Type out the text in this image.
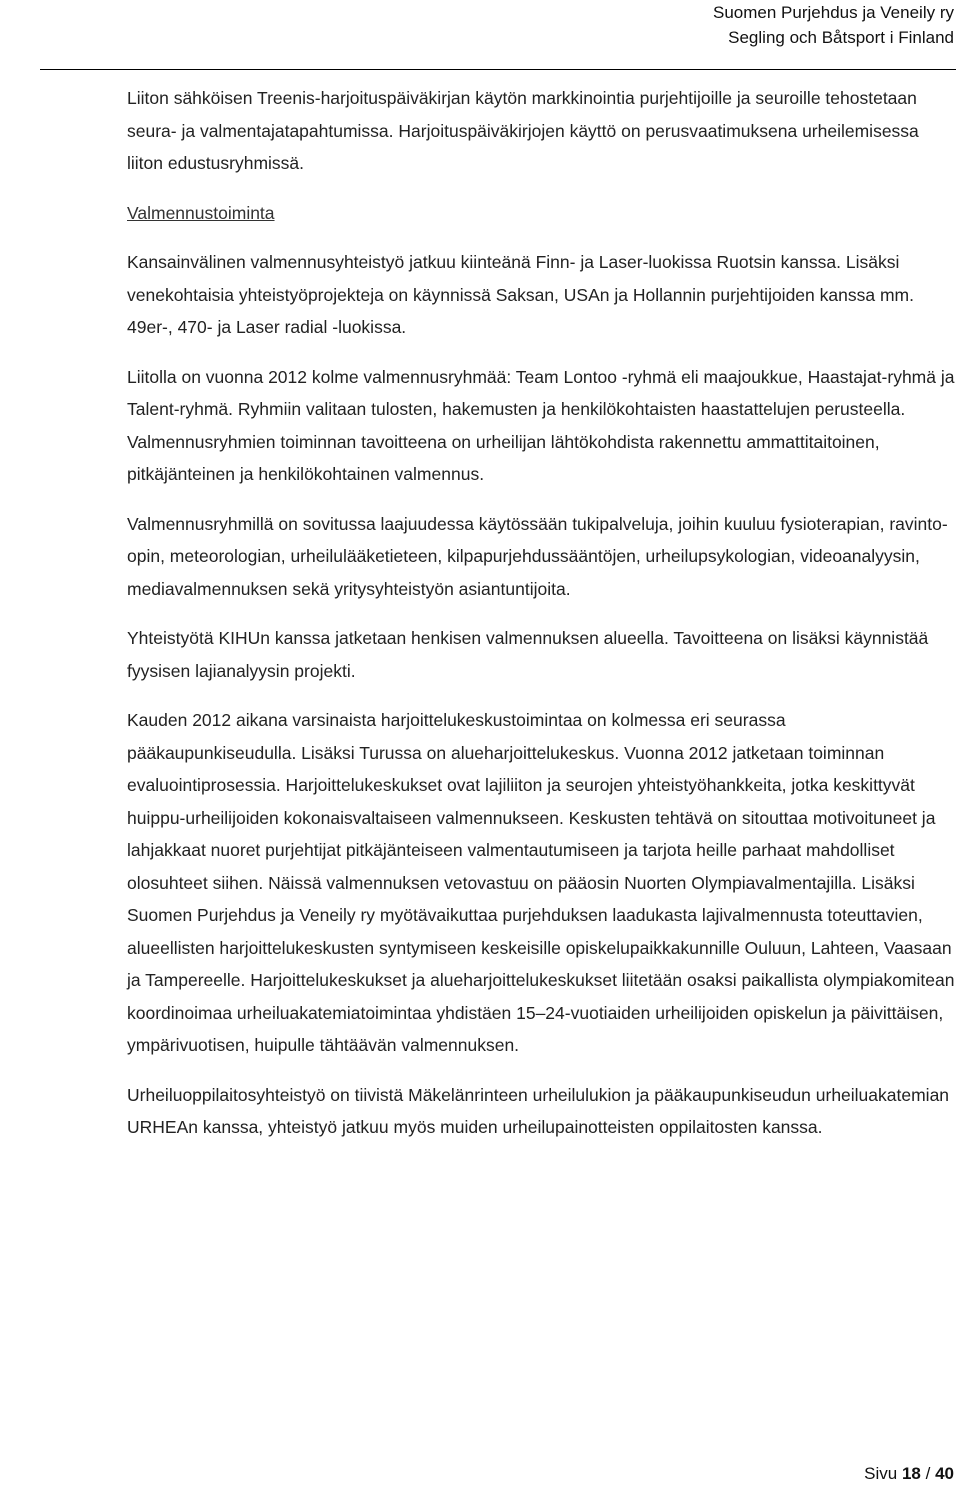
Suomen Purjehdus ja Veneily ry
Segling och Båtsport i Finland

Liiton sähköisen Treenis-harjoituspäiväkirjan käytön markkinointia purjehtijoille ja seuroille tehostetaan seura- ja valmentajatapahtumissa. Harjoituspäiväkirjojen käyttö on perusvaatimuksena urheilemisessa liiton edustusryhmissä.

Valmennustoiminta

Kansainvälinen valmennusyhteistyö jatkuu kiinteänä Finn- ja Laser-luokissa Ruotsin kanssa. Lisäksi venekohtaisia yhteistyöprojekteja on käynnissä Saksan, USAn ja Hollannin purjehtijoiden kanssa mm. 49er-, 470- ja Laser radial -luokissa.

Liitolla on vuonna 2012 kolme valmennusryhmää: Team Lontoo -ryhmä eli maajoukkue, Haastajat-ryhmä ja Talent-ryhmä. Ryhmiin valitaan tulosten, hakemusten ja henkilökohtaisten haastattelujen perusteella. Valmennusryhmien toiminnan tavoitteena on urheilijan lähtökohdista rakennettu ammattitaitoinen, pitkäjänteinen ja henkilökohtainen valmennus.

Valmennusryhmillä on sovitussa laajuudessa käytössään tukipalveluja, joihin kuuluu fysioterapian, ravinto-opin, meteorologian, urheilulääketieteen, kilpapurjehdussääntöjen, urheilupsykologian, videoanalyysin, mediavalmennuksen sekä yritysyhteistyön asiantuntijoita.

Yhteistyötä KIHUn kanssa jatketaan henkisen valmennuksen alueella. Tavoitteena on lisäksi käynnistää fyysisen lajianalyysin projekti.

Kauden 2012 aikana varsinaista harjoittelukeskustoimintaa on kolmessa eri seurassa pääkaupunkiseudulla. Lisäksi Turussa on alueharjoittelukeskus. Vuonna 2012 jatketaan toiminnan evaluointiprosessia. Harjoittelukeskukset ovat lajiliiton ja seurojen yhteistyöhankkeita, jotka keskittyvät huippu-urheilijoiden kokonaisvaltaiseen valmennukseen. Keskusten tehtävä on sitouttaa motivoituneet ja lahjakkaat nuoret purjehtijat pitkäjänteiseen valmentautumiseen ja tarjota heille parhaat mahdolliset olosuhteet siihen. Näissä valmennuksen vetovastuu on pääosin Nuorten Olympiavalmentajilla. Lisäksi Suomen Purjehdus ja Veneily ry myötävaikuttaa purjehduksen laadukasta lajivalmennusta toteuttavien, alueellisten harjoittelukeskusten syntymiseen keskeisille opiskelupaikkakunnille Ouluun, Lahteen, Vaasaan ja Tampereelle. Harjoittelukeskukset ja alueharjoittelukeskukset liitetään osaksi paikallista olympiakomitean koordinoimaa urheiluakatemiatoimintaa yhdistäen 15–24-vuotiaiden urheilijoiden opiskelun ja päivittäisen, ympärivuotisen, huipulle tähtäävän valmennuksen.

Urheiluoppilaitosyhteistyö on tiivistä Mäkelänrinteen urheilulukion ja pääkaupunkiseudun urheiluakatemian URHEAn kanssa, yhteistyö jatkuu myös muiden urheilupainotteisten oppilaitosten kanssa.

Sivu 18 / 40
